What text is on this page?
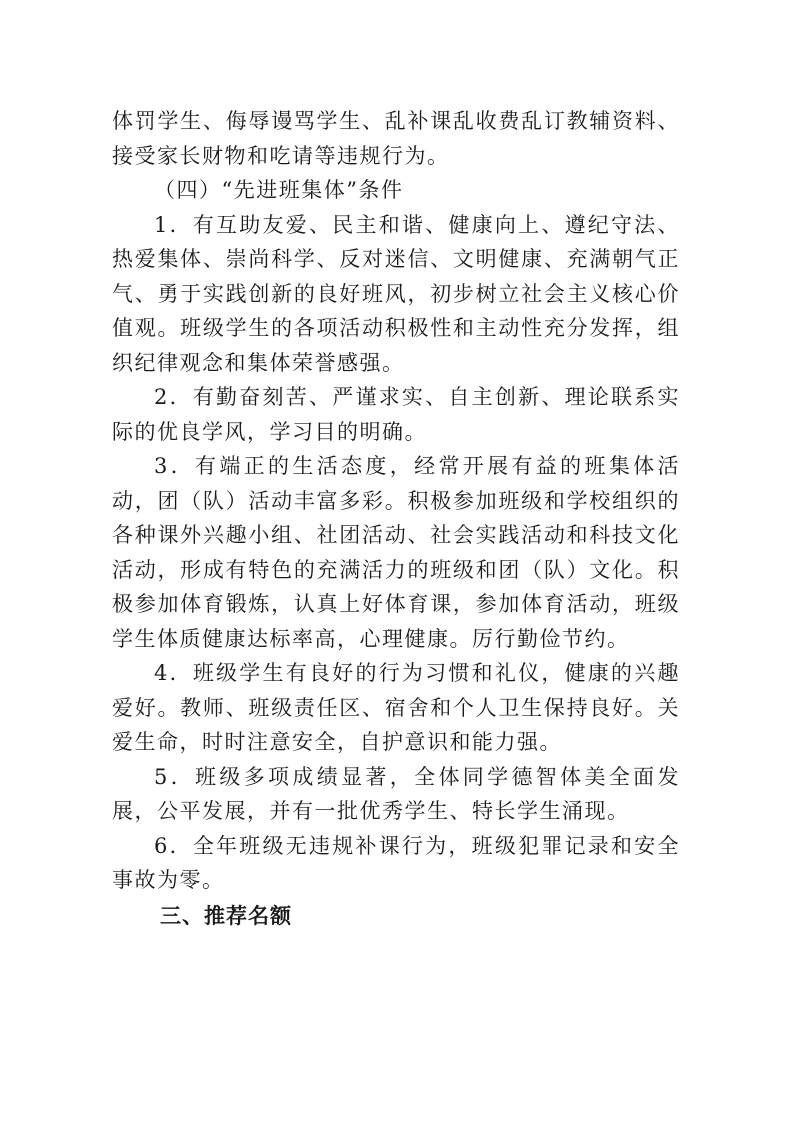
体罚学生、侮辱谩骂学生、乱补课乱收费乱订教辅资料、接受家长财物和吃请等违规行为。

（四）“先进班集体”条件

1．有互助友爱、民主和谐、健康向上、遵纪守法、热爱集体、崇尚科学、反对迷信、文明健康、充满朝气正气、勇于实践创新的良好班风，初步树立社会主义核心价值观。班级学生的各项活动积极性和主动性充分发挥，组织纪律观念和集体荣誉感强。

2．有勤奋刻苦、严谨求实、自主创新、理论联系实际的优良学风，学习目的明确。

3．有端正的生活态度，经常开展有益的班集体活动，团（队）活动丰富多彩。积极参加班级和学校组织的各种课外兴趣小组、社团活动、社会实践活动和科技文化活动，形成有特色的充满活力的班级和团（队）文化。积极参加体育锻炼，认真上好体育课，参加体育活动，班级学生体质健康达标率高，心理健康。厉行勤俭节约。

4．班级学生有良好的行为习惯和礼仪，健康的兴趣爱好。教师、班级责任区、宿舍和个人卫生保持良好。关爱生命，时时注意安全，自护意识和能力强。

5．班级多项成绩显著，全体同学德智体美全面发展，公平发展，并有一批优秀学生、特长学生涌现。

6．全年班级无违规补课行为，班级犯罪记录和安全事故为零。

三、推荐名额
